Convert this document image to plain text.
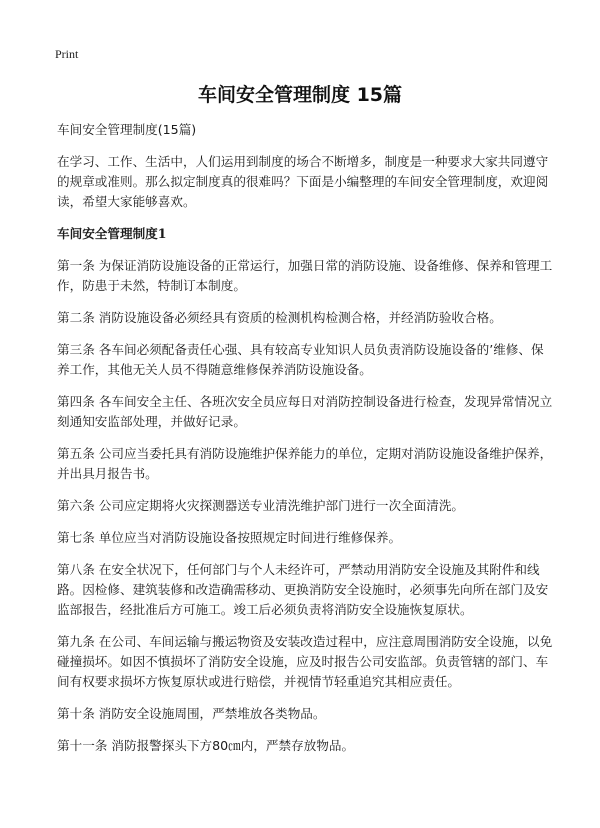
Print
车间安全管理制度 15篇

车间安全管理制度(15篇)

在学习、工作、生活中，人们运用到制度的场合不断增多，制度是一种要求大家共同遵守的规章或准则。那么拟定制度真的很难吗？下面是小编整理的车间安全管理制度，欢迎阅读，希望大家能够喜欢。

车间安全管理制度1

第一条 为保证消防设施设备的正常运行，加强日常的消防设施、设备维修、保养和管理工作，防患于未然，特制订本制度。

第二条 消防设施设备必须经具有资质的检测机构检测合格，并经消防验收合格。

第三条 各车间必须配备责任心强、具有较高专业知识人员负责消防设施设备的’维修、保养工作，其他无关人员不得随意维修保养消防设施设备。

第四条 各车间安全主任、各班次安全员应每日对消防控制设备进行检查，发现异常情况立刻通知安监部处理，并做好记录。

第五条 公司应当委托具有消防设施维护保养能力的单位，定期对消防设施设备维护保养，并出具月报告书。

第六条 公司应定期将火灾探测器送专业清洗维护部门进行一次全面清洗。

第七条 单位应当对消防设施设备按照规定时间进行维修保养。

第八条 在安全状况下，任何部门与个人未经许可，严禁动用消防安全设施及其附件和线路。因检修、建筑装修和改造确需移动、更换消防安全设施时，必须事先向所在部门及安监部报告，经批准后方可施工。竣工后必须负责将消防安全设施恢复原状。

第九条 在公司、车间运输与搬运物资及安装改造过程中，应注意周围消防安全设施，以免碰撞损坏。如因不慎损坏了消防安全设施，应及时报告公司安监部。负责管辖的部门、车间有权要求损坏方恢复原状或进行赔偿，并视情节轻重追究其相应责任。

第十条 消防安全设施周围，严禁堆放各类物品。

第十一条 消防报警探头下方80㎝内，严禁存放物品。
